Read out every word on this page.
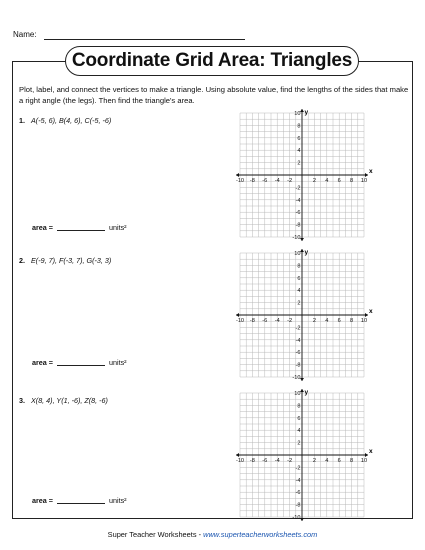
Name:
Coordinate Grid Area: Triangles
Plot, label, and connect the vertices to make a triangle. Using absolute value, find the lengths of the sides that make a right angle (the legs). Then find the triangle's area.
1. A(-5, 6), B(4, 6), C(-5, -6)
area =	units²
x
y
-10 -8 -6 -4 -2	2 4 6 8 10
10
8
6
4
2
-2
-4
-6
-8
-10
2. E(-9, 7), F(-3, 7), G(-3, 3)
area =	units²
x
y
-10 -8 -6 -4 -2	2 4 6 8 10
10
8
6
4
2
-2
-4
-6
-8
-10
3. X(8, 4), Y(1, -6), Z(8, -6)
area =	units²
x
y
-10 -8 -6 -4 -2	2 4 6 8 10
10
8
6
4
2
-2
-4
-6
-8
-10
Super Teacher Worksheets - www.superteacherworksheets.com
